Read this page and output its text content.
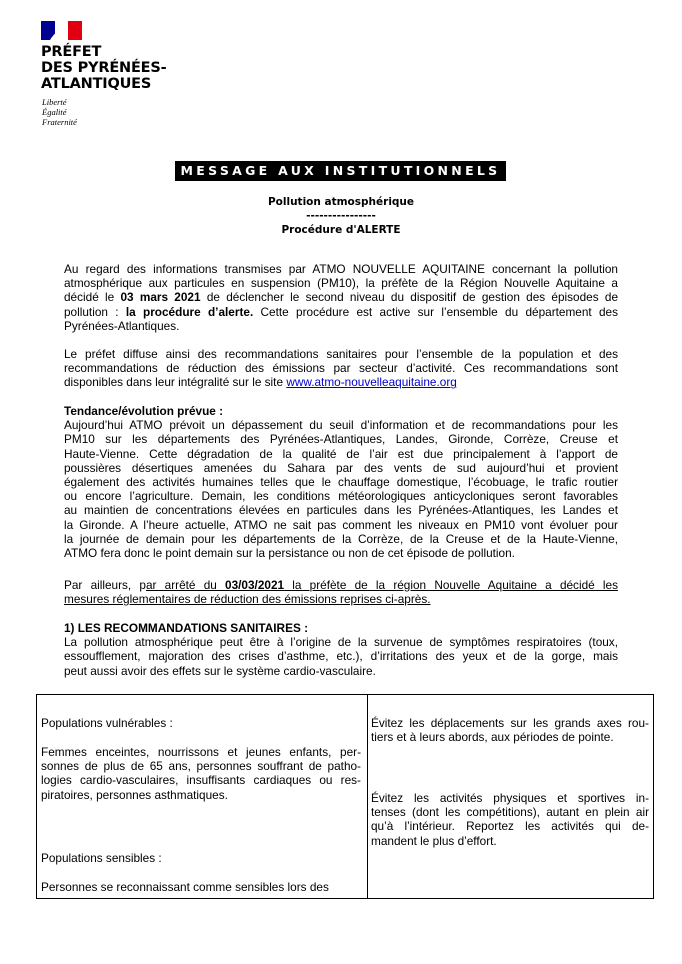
PRÉFET
DES PYRÉNÉES-
ATLANTIQUES
Liberté
Égalité
Fraternité
MESSAGE AUX INSTITUTIONNELS
Pollution atmosphérique
----------------
Procédure d'ALERTE
Au regard des informations transmises par ATMO NOUVELLE AQUITAINE concernant la pollution
atmosphérique aux particules en suspension (PM10), la préfète de la Région Nouvelle Aquitaine a
décidé le 03 mars 2021 de déclencher le second niveau du dispositif de gestion des épisodes de
pollution : la procédure d’alerte. Cette procédure est active sur l’ensemble du département des
Pyrénées-Atlantiques.
Le préfet diffuse ainsi des recommandations sanitaires pour l’ensemble de la population et des
recommandations de réduction des émissions par secteur d’activité. Ces recommandations sont
disponibles dans leur intégralité sur le site www.atmo-nouvelleaquitaine.org
Tendance/évolution prévue :
Aujourd’hui ATMO prévoit un dépassement du seuil d’information et de recommandations pour les
PM10 sur les départements des Pyrénées-Atlantiques, Landes, Gironde, Corrèze, Creuse et
Haute-Vienne. Cette dégradation de la qualité de l’air est due principalement à l’apport de
poussières désertiques amenées du Sahara par des vents de sud aujourd’hui et provient
également des activités humaines telles que le chauffage domestique, l’écobuage, le trafic routier
ou encore l’agriculture. Demain, les conditions météorologiques anticycloniques seront favorables
au maintien de concentrations élevées en particules dans les Pyrénées-Atlantiques, les Landes et
la Gironde. A l’heure actuelle, ATMO ne sait pas comment les niveaux en PM10 vont évoluer pour
la journée de demain pour les départements de la Corrèze, de la Creuse et de la Haute-Vienne,
ATMO fera donc le point demain sur la persistance ou non de cet épisode de pollution.
Par ailleurs, par arrêté du 03/03/2021 la préfète de la région Nouvelle Aquitaine a décidé les
mesures réglementaires de réduction des émissions reprises ci-après.
1) LES RECOMMANDATIONS SANITAIRES :
La pollution atmosphérique peut être à l’origine de la survenue de symptômes respiratoires (toux,
essoufflement, majoration des crises d’asthme, etc.), d’irritations des yeux et de la gorge, mais
peut aussi avoir des effets sur le système cardio-vasculaire.
Populations vulnérables :
Femmes enceintes, nourrissons et jeunes enfants, per-
sonnes de plus de 65 ans, personnes souffrant de patho-
logies cardio-vasculaires, insuffisants cardiaques ou res-
piratoires, personnes asthmatiques.
Populations sensibles :
Personnes se reconnaissant comme sensibles lors des
Évitez les déplacements sur les grands axes rou-
tiers et à leurs abords, aux périodes de pointe.
Évitez les activités physiques et sportives in-
tenses (dont les compétitions), autant en plein air
qu’à l’intérieur. Reportez les activités qui de-
mandent le plus d’effort.
